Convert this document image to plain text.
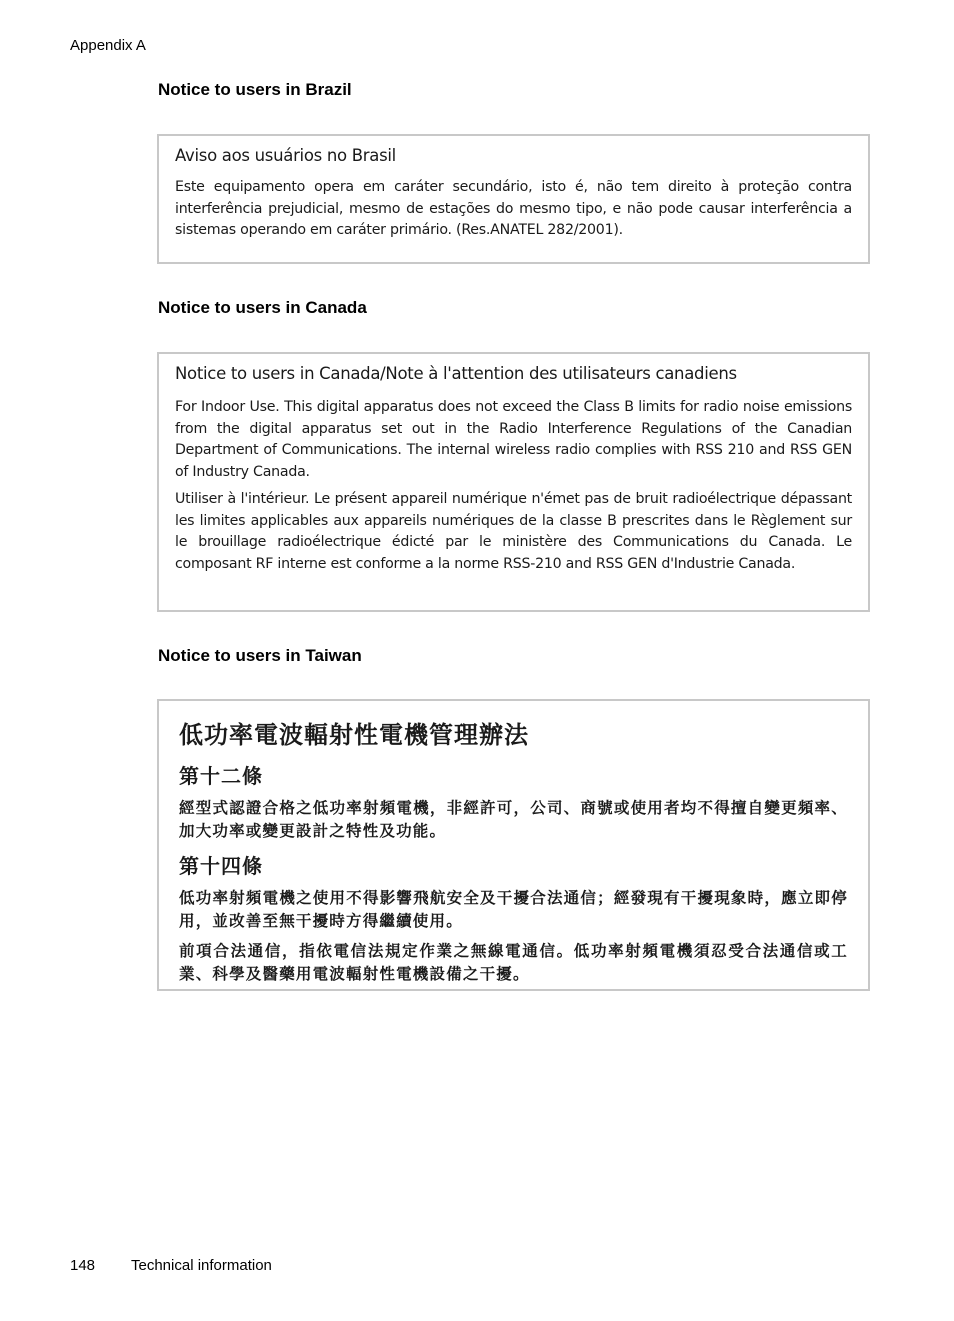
Appendix A
Notice to users in Brazil

Aviso aos usuários no Brasil

Este equipamento opera em caráter secundário, isto é, não tem direito à proteção contra interferência prejudicial, mesmo de estações do mesmo tipo, e não pode causar interferência a sistemas operando em caráter primário. (Res.ANATEL 282/2001).

Notice to users in Canada

Notice to users in Canada/Note à l'attention des utilisateurs canadiens

For Indoor Use. This digital apparatus does not exceed the Class B limits for radio noise emissions from the digital apparatus set out in the Radio Interference Regulations of the Canadian Department of Communications. The internal wireless radio complies with RSS 210 and RSS GEN of Industry Canada.

Utiliser à l'intérieur. Le présent appareil numérique n'émet pas de bruit radioélectrique dépassant les limites applicables aux appareils numériques de la classe B prescrites dans le Règlement sur le brouillage radioélectrique édicté par le ministère des Communications du Canada. Le composant RF interne est conforme a la norme RSS-210 and RSS GEN d'Industrie Canada.

Notice to users in Taiwan

低功率電波輻射性電機管理辦法

第十二條

經型式認證合格之低功率射頻電機，非經許可，公司、商號或使用者均不得擅自變更頻率、加大功率或變更設計之特性及功能。

第十四條

低功率射頻電機之使用不得影響飛航安全及干擾合法通信；經發現有干擾現象時，應立即停用，並改善至無干擾時方得繼續使用。

前項合法通信，指依電信法規定作業之無線電通信。低功率射頻電機須忍受合法通信或工業、科學及醫藥用電波輻射性電機設備之干擾。

148 Technical information
